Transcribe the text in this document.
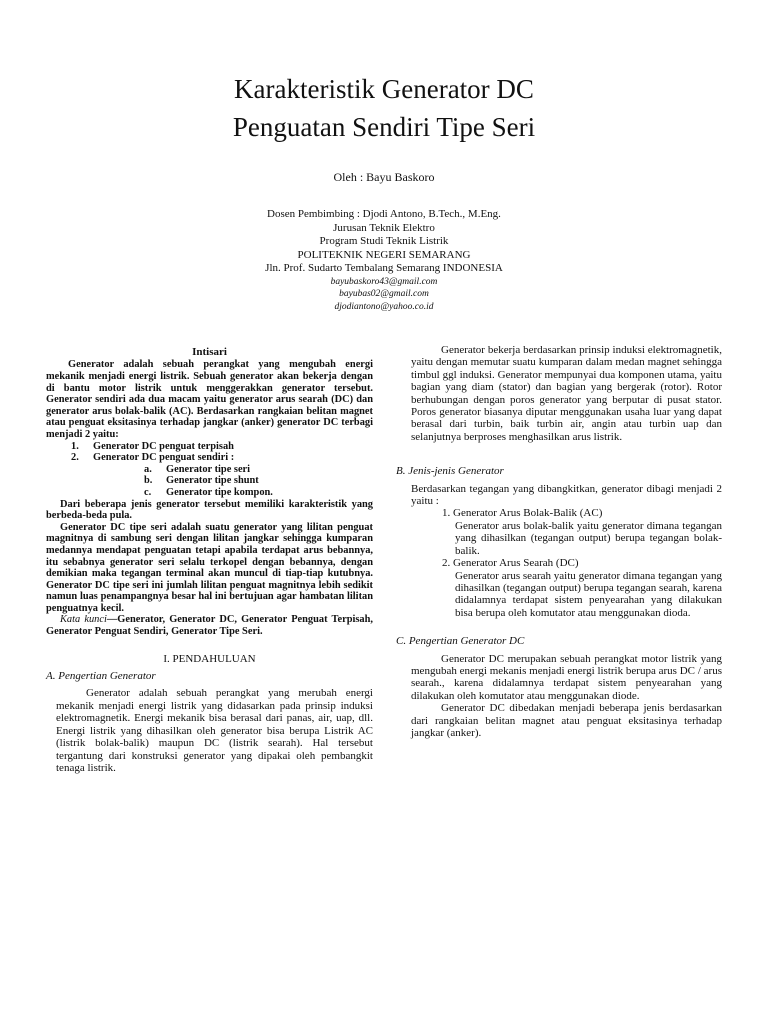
Karakteristik Generator DC
Penguatan Sendiri Tipe Seri
Oleh : Bayu Baskoro
Dosen Pembimbing : Djodi Antono, B.Tech., M.Eng.
Jurusan Teknik Elektro
Program Studi Teknik Listrik
POLITEKNIK NEGERI SEMARANG
Jln. Prof. Sudarto Tembalang Semarang INDONESIA
bayubaskoro43@gmail.com
bayubas02@gmail.com
djodiantono@yahoo.co.id
Intisari

Generator adalah sebuah perangkat yang mengubah energi mekanik menjadi energi listrik. Sebuah generator akan bekerja dengan di bantu motor listrik untuk menggerakkan generator tersebut. Generator sendiri ada dua macam yaitu generator arus searah (DC) dan generator arus bolak-balik (AC). Berdasarkan rangkaian belitan magnet atau penguat eksitasinya terhadap jangkar (anker) generator DC terbagi menjadi 2 yaitu:

1. Generator DC penguat terpisah
2. Generator DC penguat sendiri :
a. Generator tipe seri
b. Generator tipe shunt
c. Generator tipe kompon.

Dari beberapa jenis generator tersebut memiliki karakteristik yang berbeda-beda pula.

Generator DC tipe seri adalah suatu generator yang lilitan penguat magnitnya di sambung seri dengan lilitan jangkar sehingga kumparan medannya mendapat penguatan tetapi apabila terdapat arus bebannya, itu sebabnya generator seri selalu terkopel dengan bebannya, dengan demikian maka tegangan terminal akan muncul di tiap-tiap kutubnya. Generator DC tipe seri ini jumlah lilitan penguat magnitnya lebih sedikit namun luas penampangnya besar hal ini bertujuan agar hambatan lilitan penguatnya kecil.

Kata kunci—Generator, Generator DC, Generator Penguat Terpisah, Generator Penguat Sendiri, Generator Tipe Seri.

I. PENDAHULUAN
A. Pengertian Generator

Generator adalah sebuah perangkat yang merubah energi mekanik menjadi energi listrik yang didasarkan pada prinsip induksi elektromagnetik. Energi mekanik bisa berasal dari panas, air, uap, dll. Energi listrik yang dihasilkan oleh generator bisa berupa Listrik AC (listrik bolak-balik) maupun DC (listrik searah). Hal tersebut tergantung dari konstruksi generator yang dipakai oleh pembangkit tenaga listrik.

Generator bekerja berdasarkan prinsip induksi elektromagnetik, yaitu dengan memutar suatu kumparan dalam medan magnet sehingga timbul ggl induksi. Generator mempunyai dua komponen utama, yaitu bagian yang diam (stator) dan bagian yang bergerak (rotor). Rotor berhubungan dengan poros generator yang berputar di pusat stator. Poros generator biasanya diputar menggunakan usaha luar yang dapat berasal dari turbin, baik turbin air, angin atau turbin uap dan selanjutnya berproses menghasilkan arus listrik.

B. Jenis-jenis Generator

Berdasarkan tegangan yang dibangkitkan, generator dibagi menjadi 2 yaitu :

1. Generator Arus Bolak-Balik (AC)
Generator arus bolak-balik yaitu generator dimana tegangan yang dihasilkan (tegangan output) berupa tegangan bolak-balik.
2. Generator Arus Searah (DC)
Generator arus searah yaitu generator dimana tegangan yang dihasilkan (tegangan output) berupa tegangan searah, karena didalamnya terdapat sistem penyearahan yang dilakukan bisa berupa oleh komutator atau menggunakan dioda.
C. Pengertian Generator DC

Generator DC merupakan sebuah perangkat motor listrik yang mengubah energi mekanis menjadi energi listrik berupa arus DC / arus searah., karena didalamnya terdapat sistem penyearahan yang dilakukan oleh komutator atau menggunakan diode.

Generator DC dibedakan menjadi beberapa jenis berdasarkan dari rangkaian belitan magnet atau penguat eksitasinya terhadap jangkar (anker).
